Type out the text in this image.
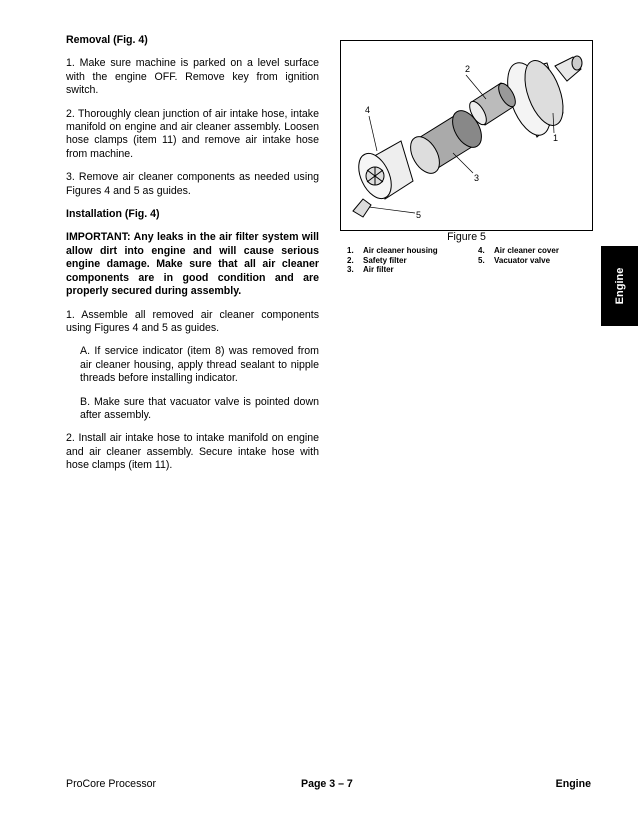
Removal (Fig. 4)

1. Make sure machine is parked on a level surface with the engine OFF. Remove key from ignition switch.

2. Thoroughly clean junction of air intake hose, intake manifold on engine and air cleaner assembly. Loosen hose clamps (item 11) and remove air intake hose from machine.

3. Remove air cleaner components as needed using Figures 4 and 5 as guides.

Installation (Fig. 4)

IMPORTANT: Any leaks in the air filter system will allow dirt into engine and will cause serious engine damage. Make sure that all air cleaner components are in good condition and are properly secured during assembly.

1. Assemble all removed air cleaner components using Figures 4 and 5 as guides.

A. If service indicator (item 8) was removed from air cleaner housing, apply thread sealant to nipple threads before installing indicator.

B. Make sure that vacuator valve is pointed down after assembly.

2. Install air intake hose to intake manifold on engine and air cleaner assembly. Secure intake hose with hose clamps (item 11).

2
4
3
1
5
Figure 5
1. Air cleaner housing
2. Safety filter
3. Air filter
4. Air cleaner cover
5. Vacuator valve
Engine
ProCore Processor	Page 3 – 7	Engine
